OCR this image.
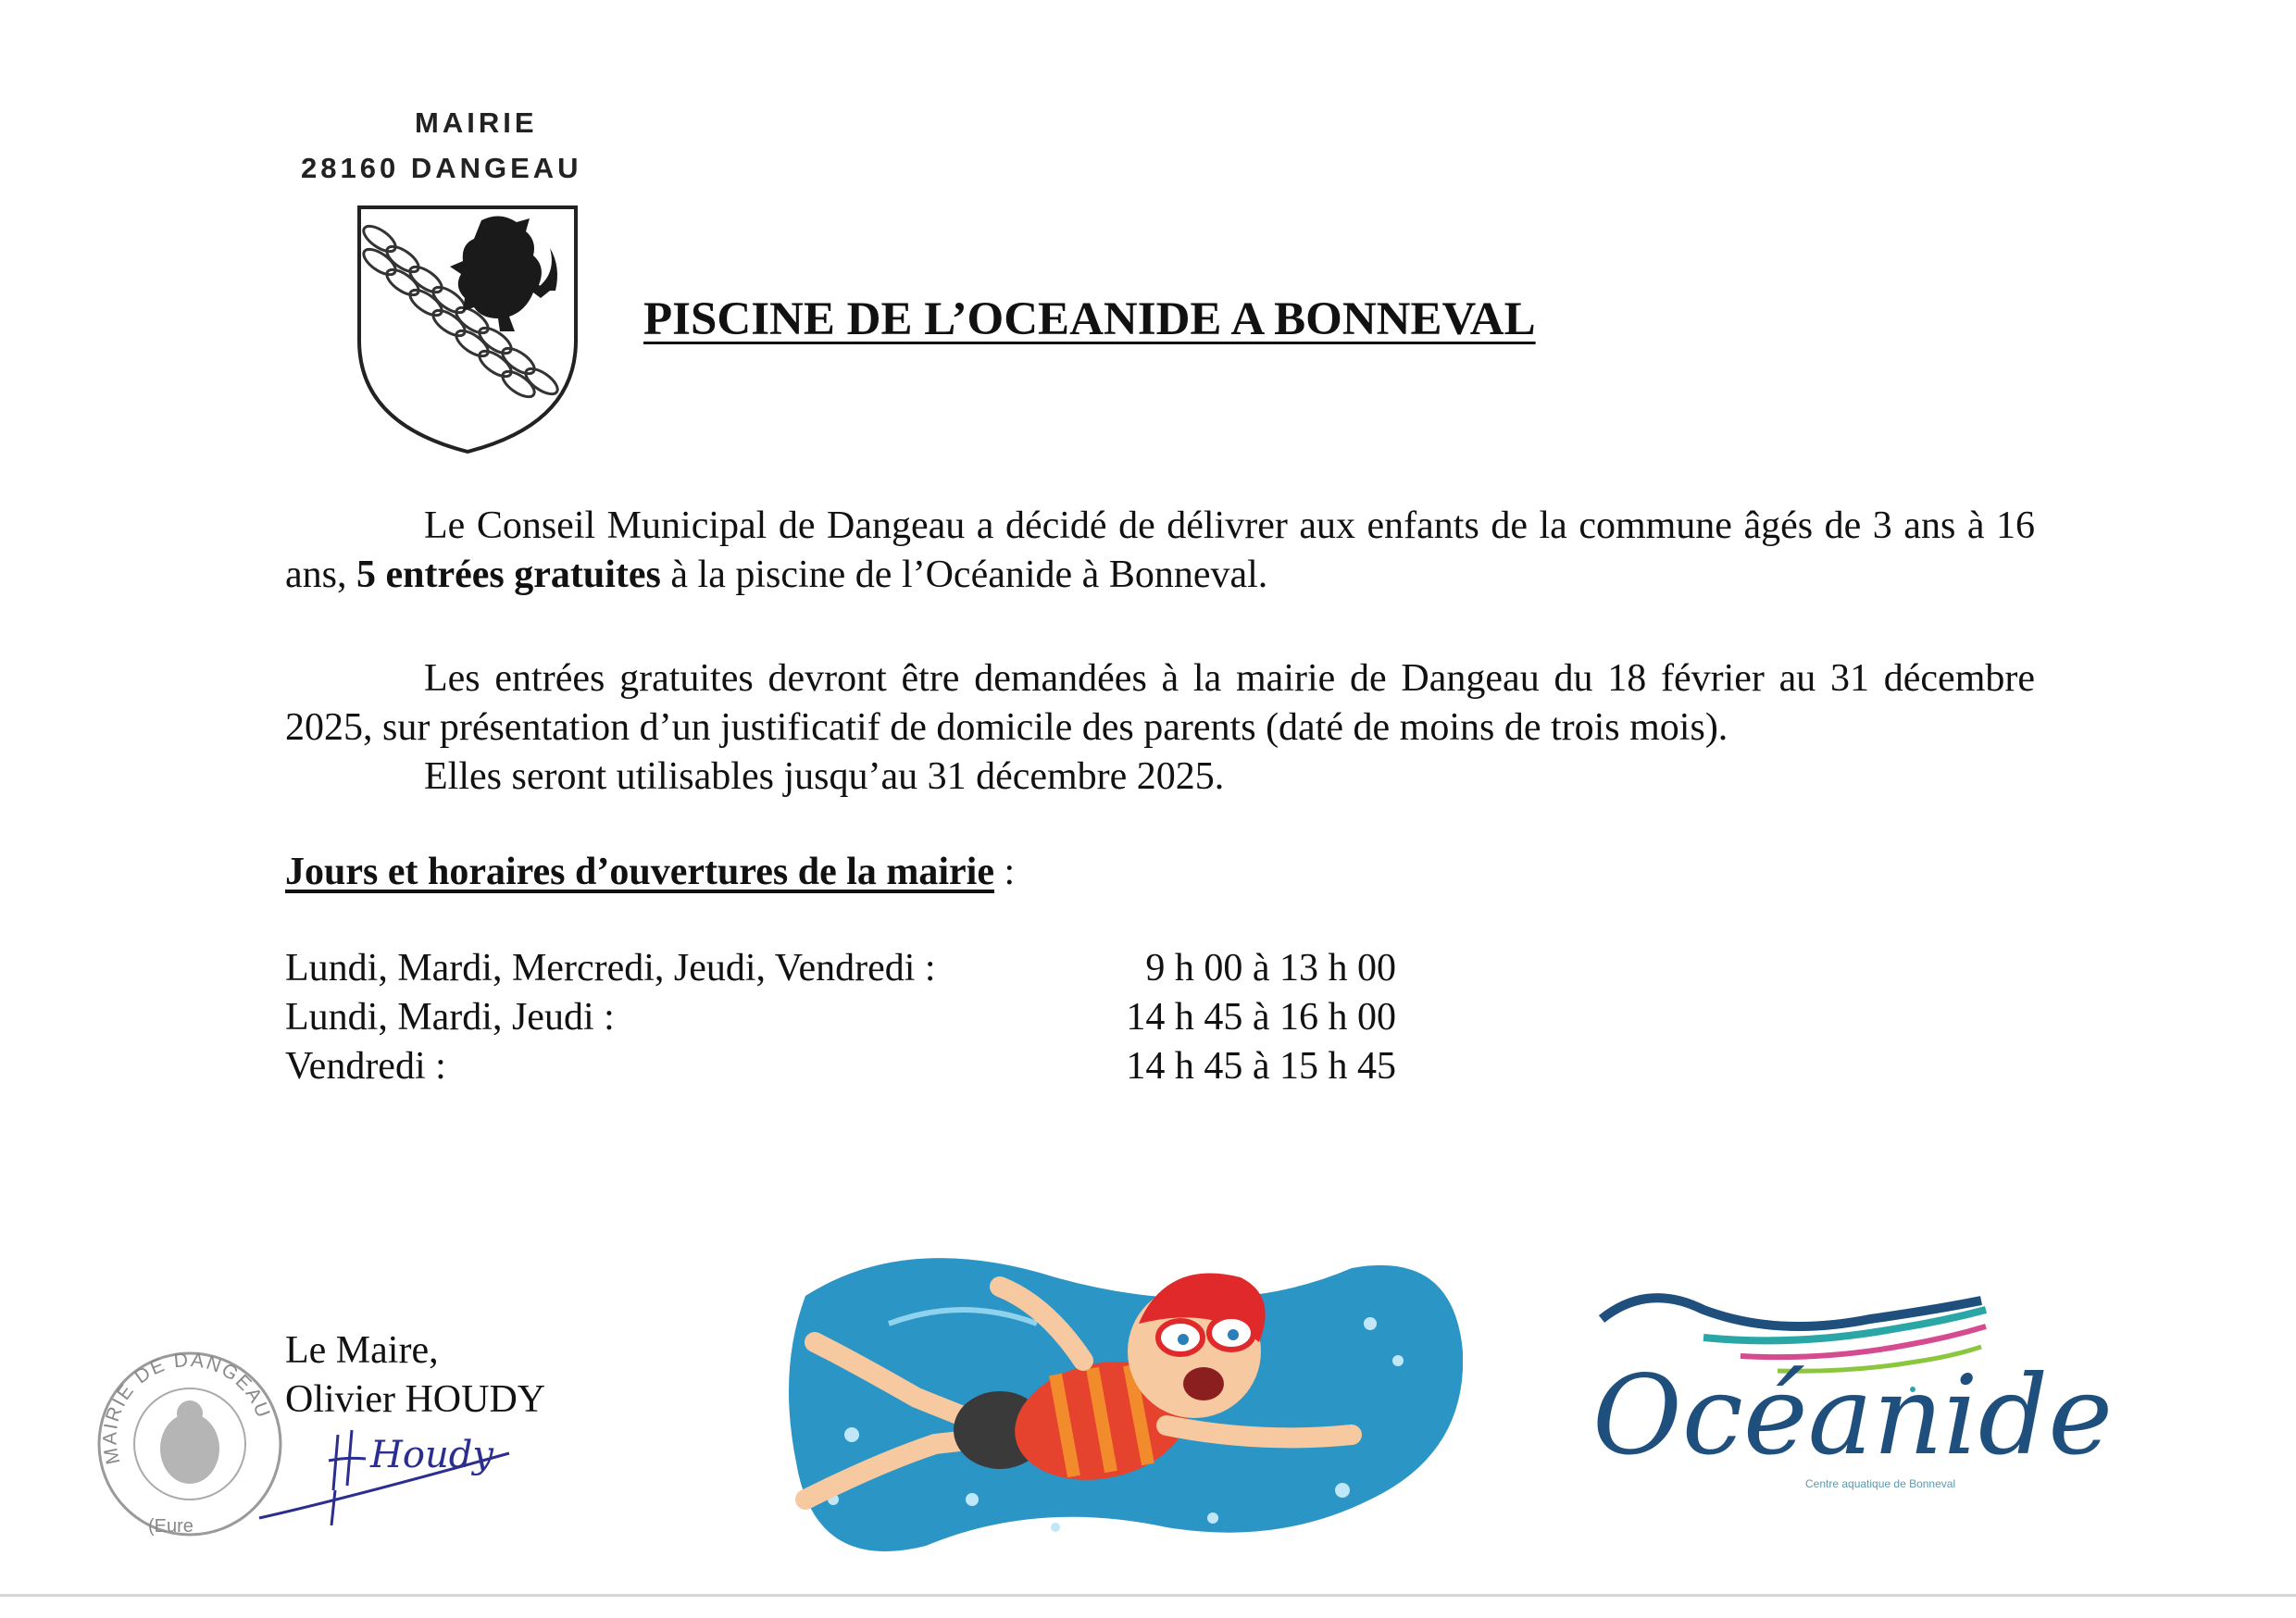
MAIRIE
28160 DANGEAU
PISCINE DE L’OCEANIDE A BONNEVAL

Le Conseil Municipal de Dangeau a décidé de délivrer aux enfants de la commune âgés de 3 ans à 16 ans, 5 entrées gratuites à la piscine de l’Océanide à Bonneval.

Les entrées gratuites devront être demandées à la mairie de Dangeau du 18 février au 31 décembre 2025, sur présentation d’un justificatif de domicile des parents (daté de moins de trois mois).

Elles seront utilisables jusqu’au 31 décembre 2025.

Jours et horaires d’ouvertures de la mairie :
Lundi, Mardi, Mercredi, Jeudi, Vendredi :	9 h 00 à 13 h 00
Lundi, Mardi, Jeudi :	14 h 45 à 16 h 00
Vendredi :	14 h 45 à 15 h 45
MAIRIE DE DANGEAU
(Eure
Le Maire,
Olivier HOUDY
Houdy	Océanide
Centre aquatique de Bonneval
